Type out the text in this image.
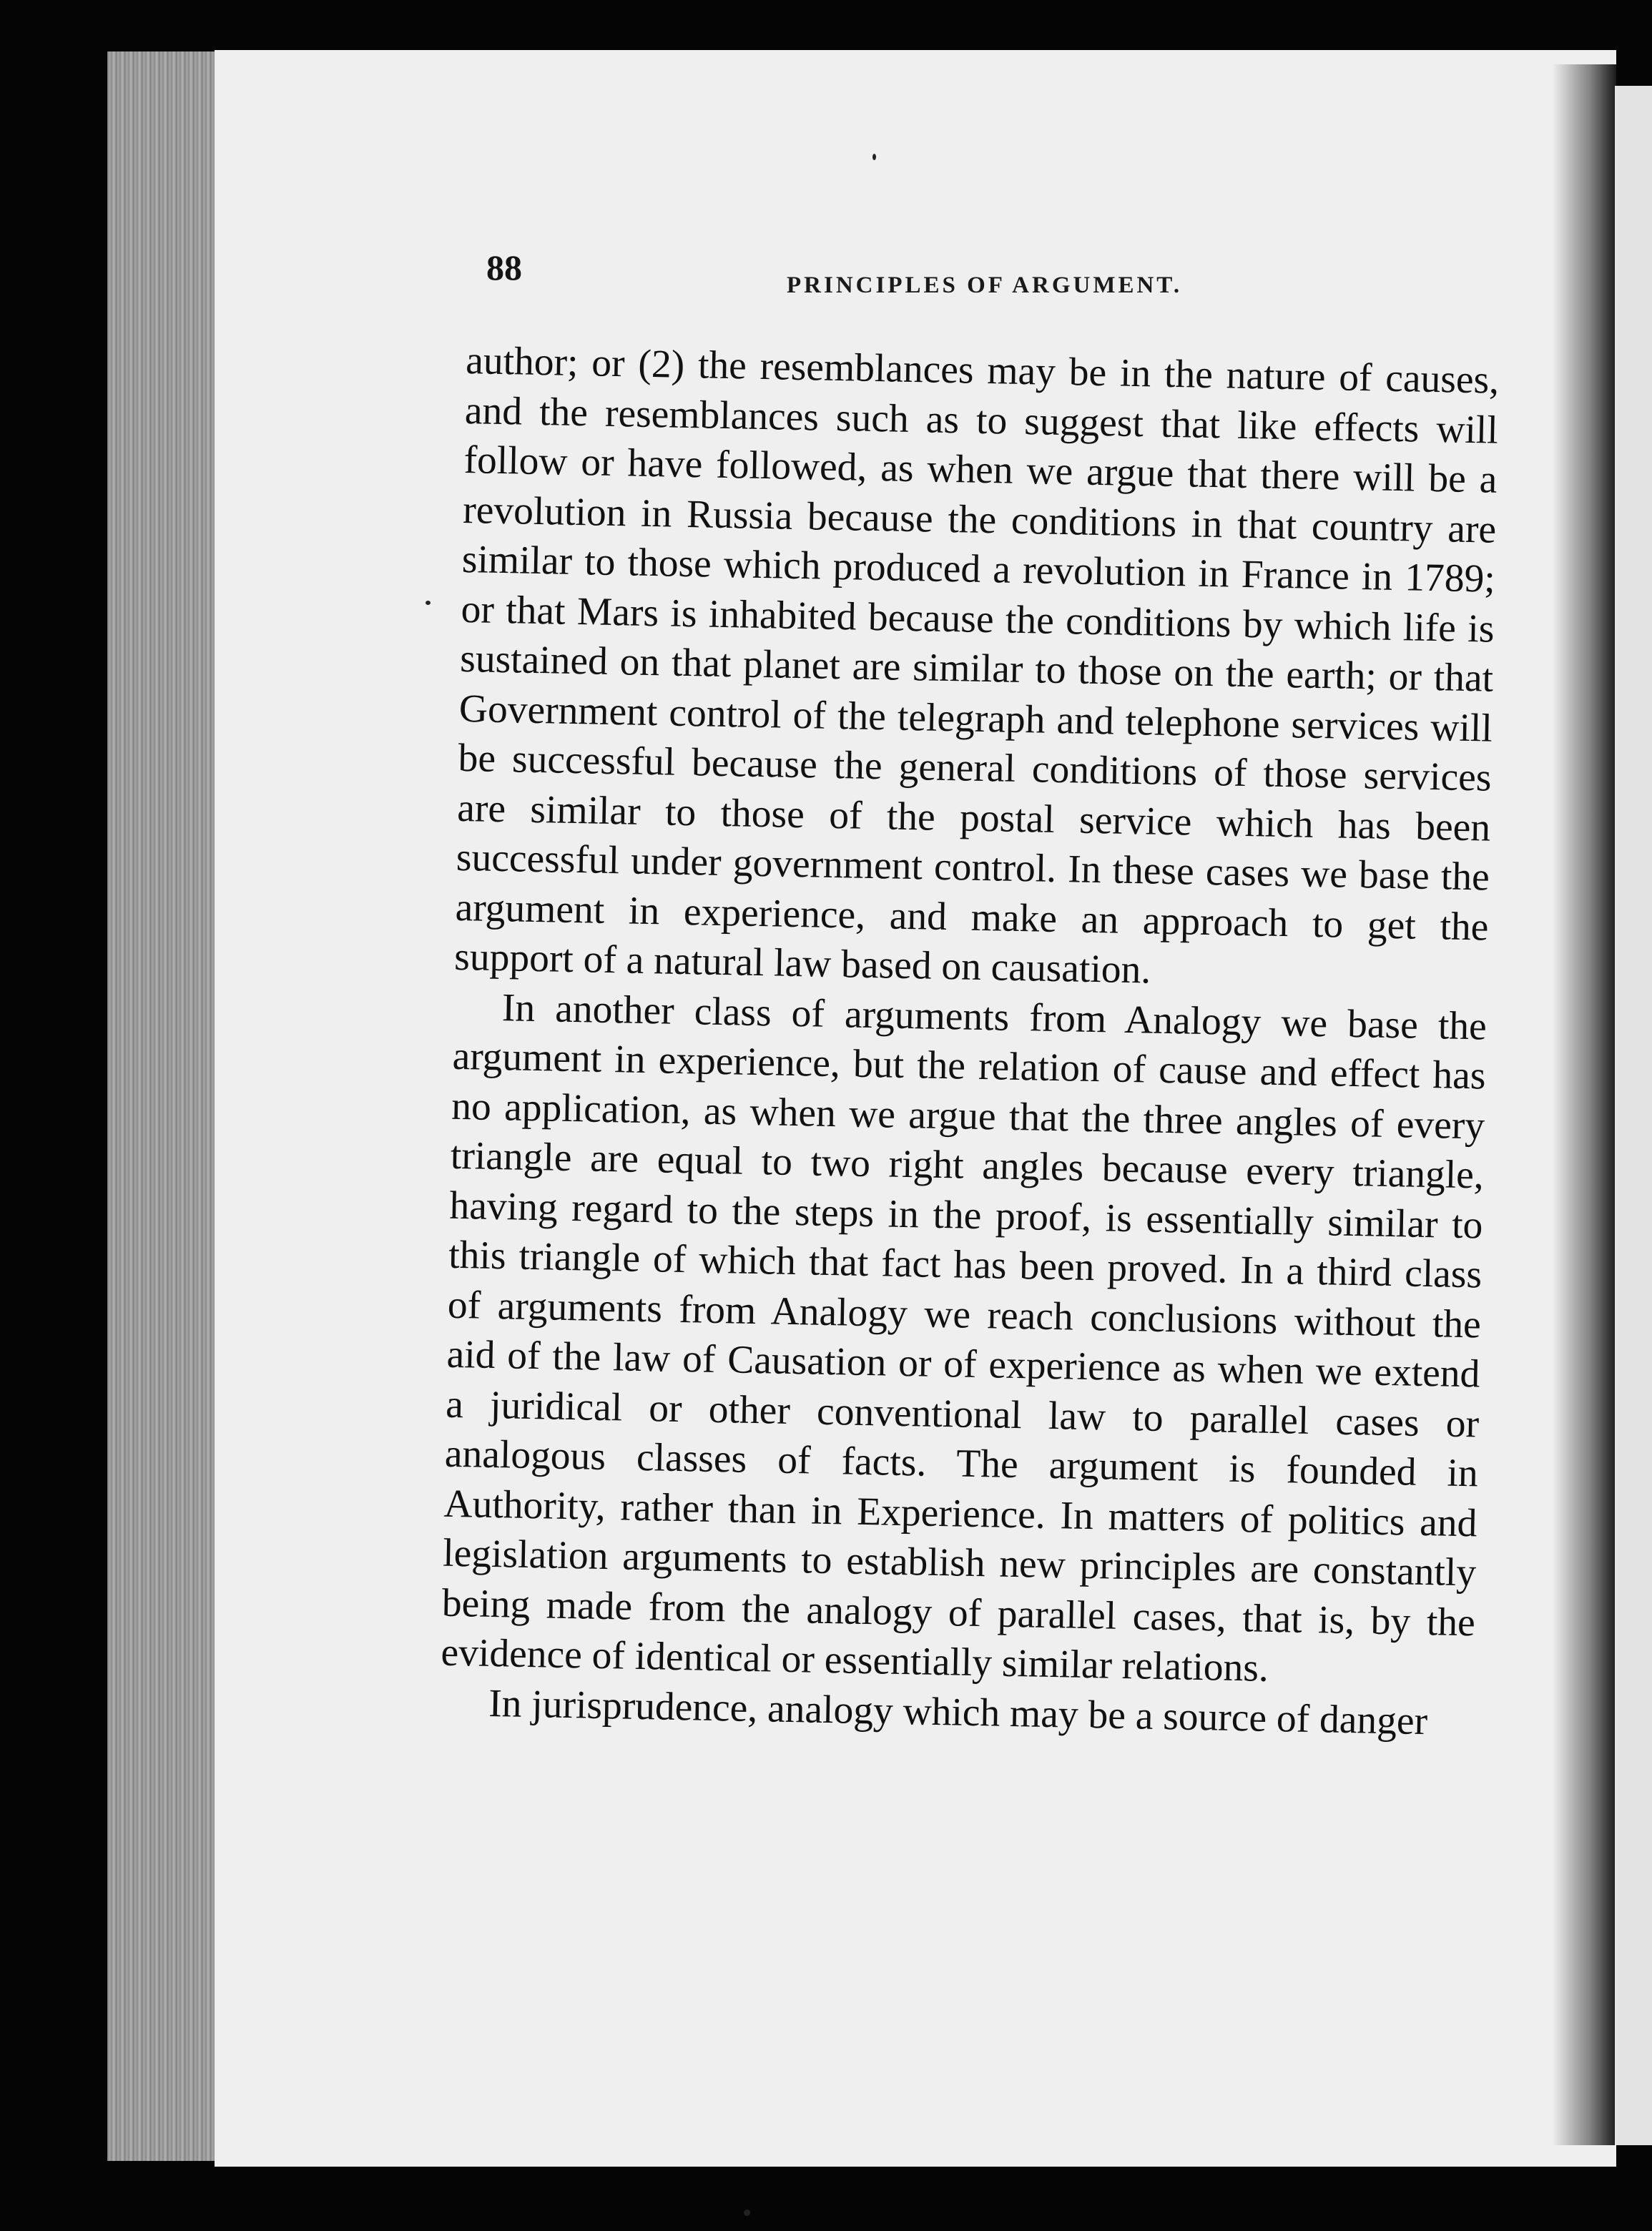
88	PRINCIPLES OF ARGUMENT.

author; or (2) the resemblances may be in the nature of causes, and the resemblances such as to suggest that like effects will follow or have followed, as when we argue that there will be a revolution in Russia because the conditions in that country are similar to those which produced a revolution in France in 1789; or that Mars is inhabited because the conditions by which life is sustained on that planet are similar to those on the earth; or that Government control of the telegraph and telephone services will be successful because the general conditions of those services are similar to those of the postal service which has been successful under government control. In these cases we base the argument in experience, and make an approach to get the support of a natural law based on causation.

In another class of arguments from Analogy we base the argument in experience, but the relation of cause and effect has no application, as when we argue that the three angles of every triangle are equal to two right angles because every triangle, having regard to the steps in the proof, is essentially similar to this triangle of which that fact has been proved. In a third class of arguments from Analogy we reach conclusions without the aid of the law of Causation or of experience as when we extend a juridical or other conventional law to parallel cases or analogous classes of facts. The argument is founded in Authority, rather than in Experience. In matters of politics and legislation arguments to establish new principles are constantly being made from the analogy of parallel cases, that is, by the evidence of identical or essentially similar relations.

In jurisprudence, analogy which may be a source of danger
